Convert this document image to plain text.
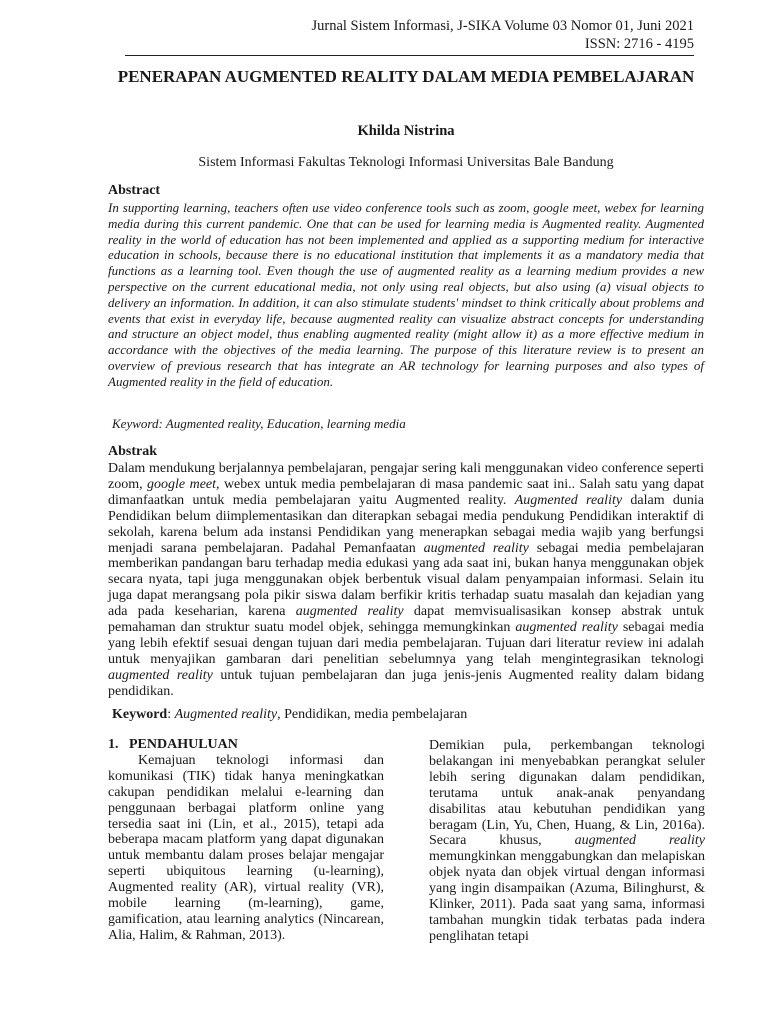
Jurnal Sistem Informasi, J-SIKA Volume 03 Nomor 01, Juni 2021
ISSN: 2716 - 4195
PENERAPAN AUGMENTED REALITY DALAM MEDIA PEMBELAJARAN
Khilda Nistrina
Sistem Informasi Fakultas Teknologi Informasi Universitas Bale Bandung
Abstract

In supporting learning, teachers often use video conference tools such as zoom, google meet, webex for learning media during this current pandemic. One that can be used for learning media is Augmented reality. Augmented reality in the world of education has not been implemented and applied as a supporting medium for interactive education in schools, because there is no educational institution that implements it as a mandatory media that functions as a learning tool. Even though the use of augmented reality as a learning medium provides a new perspective on the current educational media, not only using real objects, but also using (a) visual objects to delivery an information. In addition, it can also stimulate students' mindset to think critically about problems and events that exist in everyday life, because augmented reality can visualize abstract concepts for understanding and structure an object model, thus enabling augmented reality (might allow it) as a more effective medium in accordance with the objectives of the media learning. The purpose of this literature review is to present an overview of previous research that has integrate an AR technology for learning purposes and also types of Augmented reality in the field of education.

Keyword: Augmented reality, Education, learning media
Abstrak

Dalam mendukung berjalannya pembelajaran, pengajar sering kali menggunakan video conference seperti zoom, google meet, webex untuk media pembelajaran di masa pandemic saat ini.. Salah satu yang dapat dimanfaatkan untuk media pembelajaran yaitu Augmented reality. Augmented reality dalam dunia Pendidikan belum diimplementasikan dan diterapkan sebagai media pendukung Pendidikan interaktif di sekolah, karena belum ada instansi Pendidikan yang menerapkan sebagai media wajib yang berfungsi menjadi sarana pembelajaran. Padahal Pemanfaatan augmented reality sebagai media pembelajaran memberikan pandangan baru terhadap media edukasi yang ada saat ini, bukan hanya menggunakan objek secara nyata, tapi juga menggunakan objek berbentuk visual dalam penyampaian informasi. Selain itu juga dapat merangsang pola pikir siswa dalam berfikir kritis terhadap suatu masalah dan kejadian yang ada pada keseharian, karena augmented reality dapat memvisualisasikan konsep abstrak untuk pemahaman dan struktur suatu model objek, sehingga memungkinkan augmented reality sebagai media yang lebih efektif sesuai dengan tujuan dari media pembelajaran. Tujuan dari literatur review ini adalah untuk menyajikan gambaran dari penelitian sebelumnya yang telah mengintegrasikan teknologi augmented reality untuk tujuan pembelajaran dan juga jenis-jenis Augmented reality dalam bidang pendidikan.

Keyword: Augmented reality, Pendidikan, media pembelajaran
1.   PENDAHULUAN

Kemajuan teknologi informasi dan komunikasi (TIK) tidak hanya meningkatkan cakupan pendidikan melalui e-learning dan penggunaan berbagai platform online yang tersedia saat ini (Lin, et al., 2015), tetapi ada beberapa macam platform yang dapat digunakan untuk membantu dalam proses belajar mengajar seperti ubiquitous learning (u-learning), Augmented reality (AR), virtual reality (VR), mobile learning (m-learning), game, gamification, atau learning analytics (Nincarean, Alia, Halim, & Rahman, 2013).

Demikian pula, perkembangan teknologi belakangan ini menyebabkan perangkat seluler lebih sering digunakan dalam pendidikan, terutama untuk anak-anak penyandang disabilitas atau kebutuhan pendidikan yang beragam (Lin, Yu, Chen, Huang, & Lin, 2016a). Secara khusus, augmented reality memungkinkan menggabungkan dan melapiskan objek nyata dan objek virtual dengan informasi yang ingin disampaikan (Azuma, Bilinghurst, & Klinker, 2011). Pada saat yang sama, informasi tambahan mungkin tidak terbatas pada indera penglihatan tetapi
